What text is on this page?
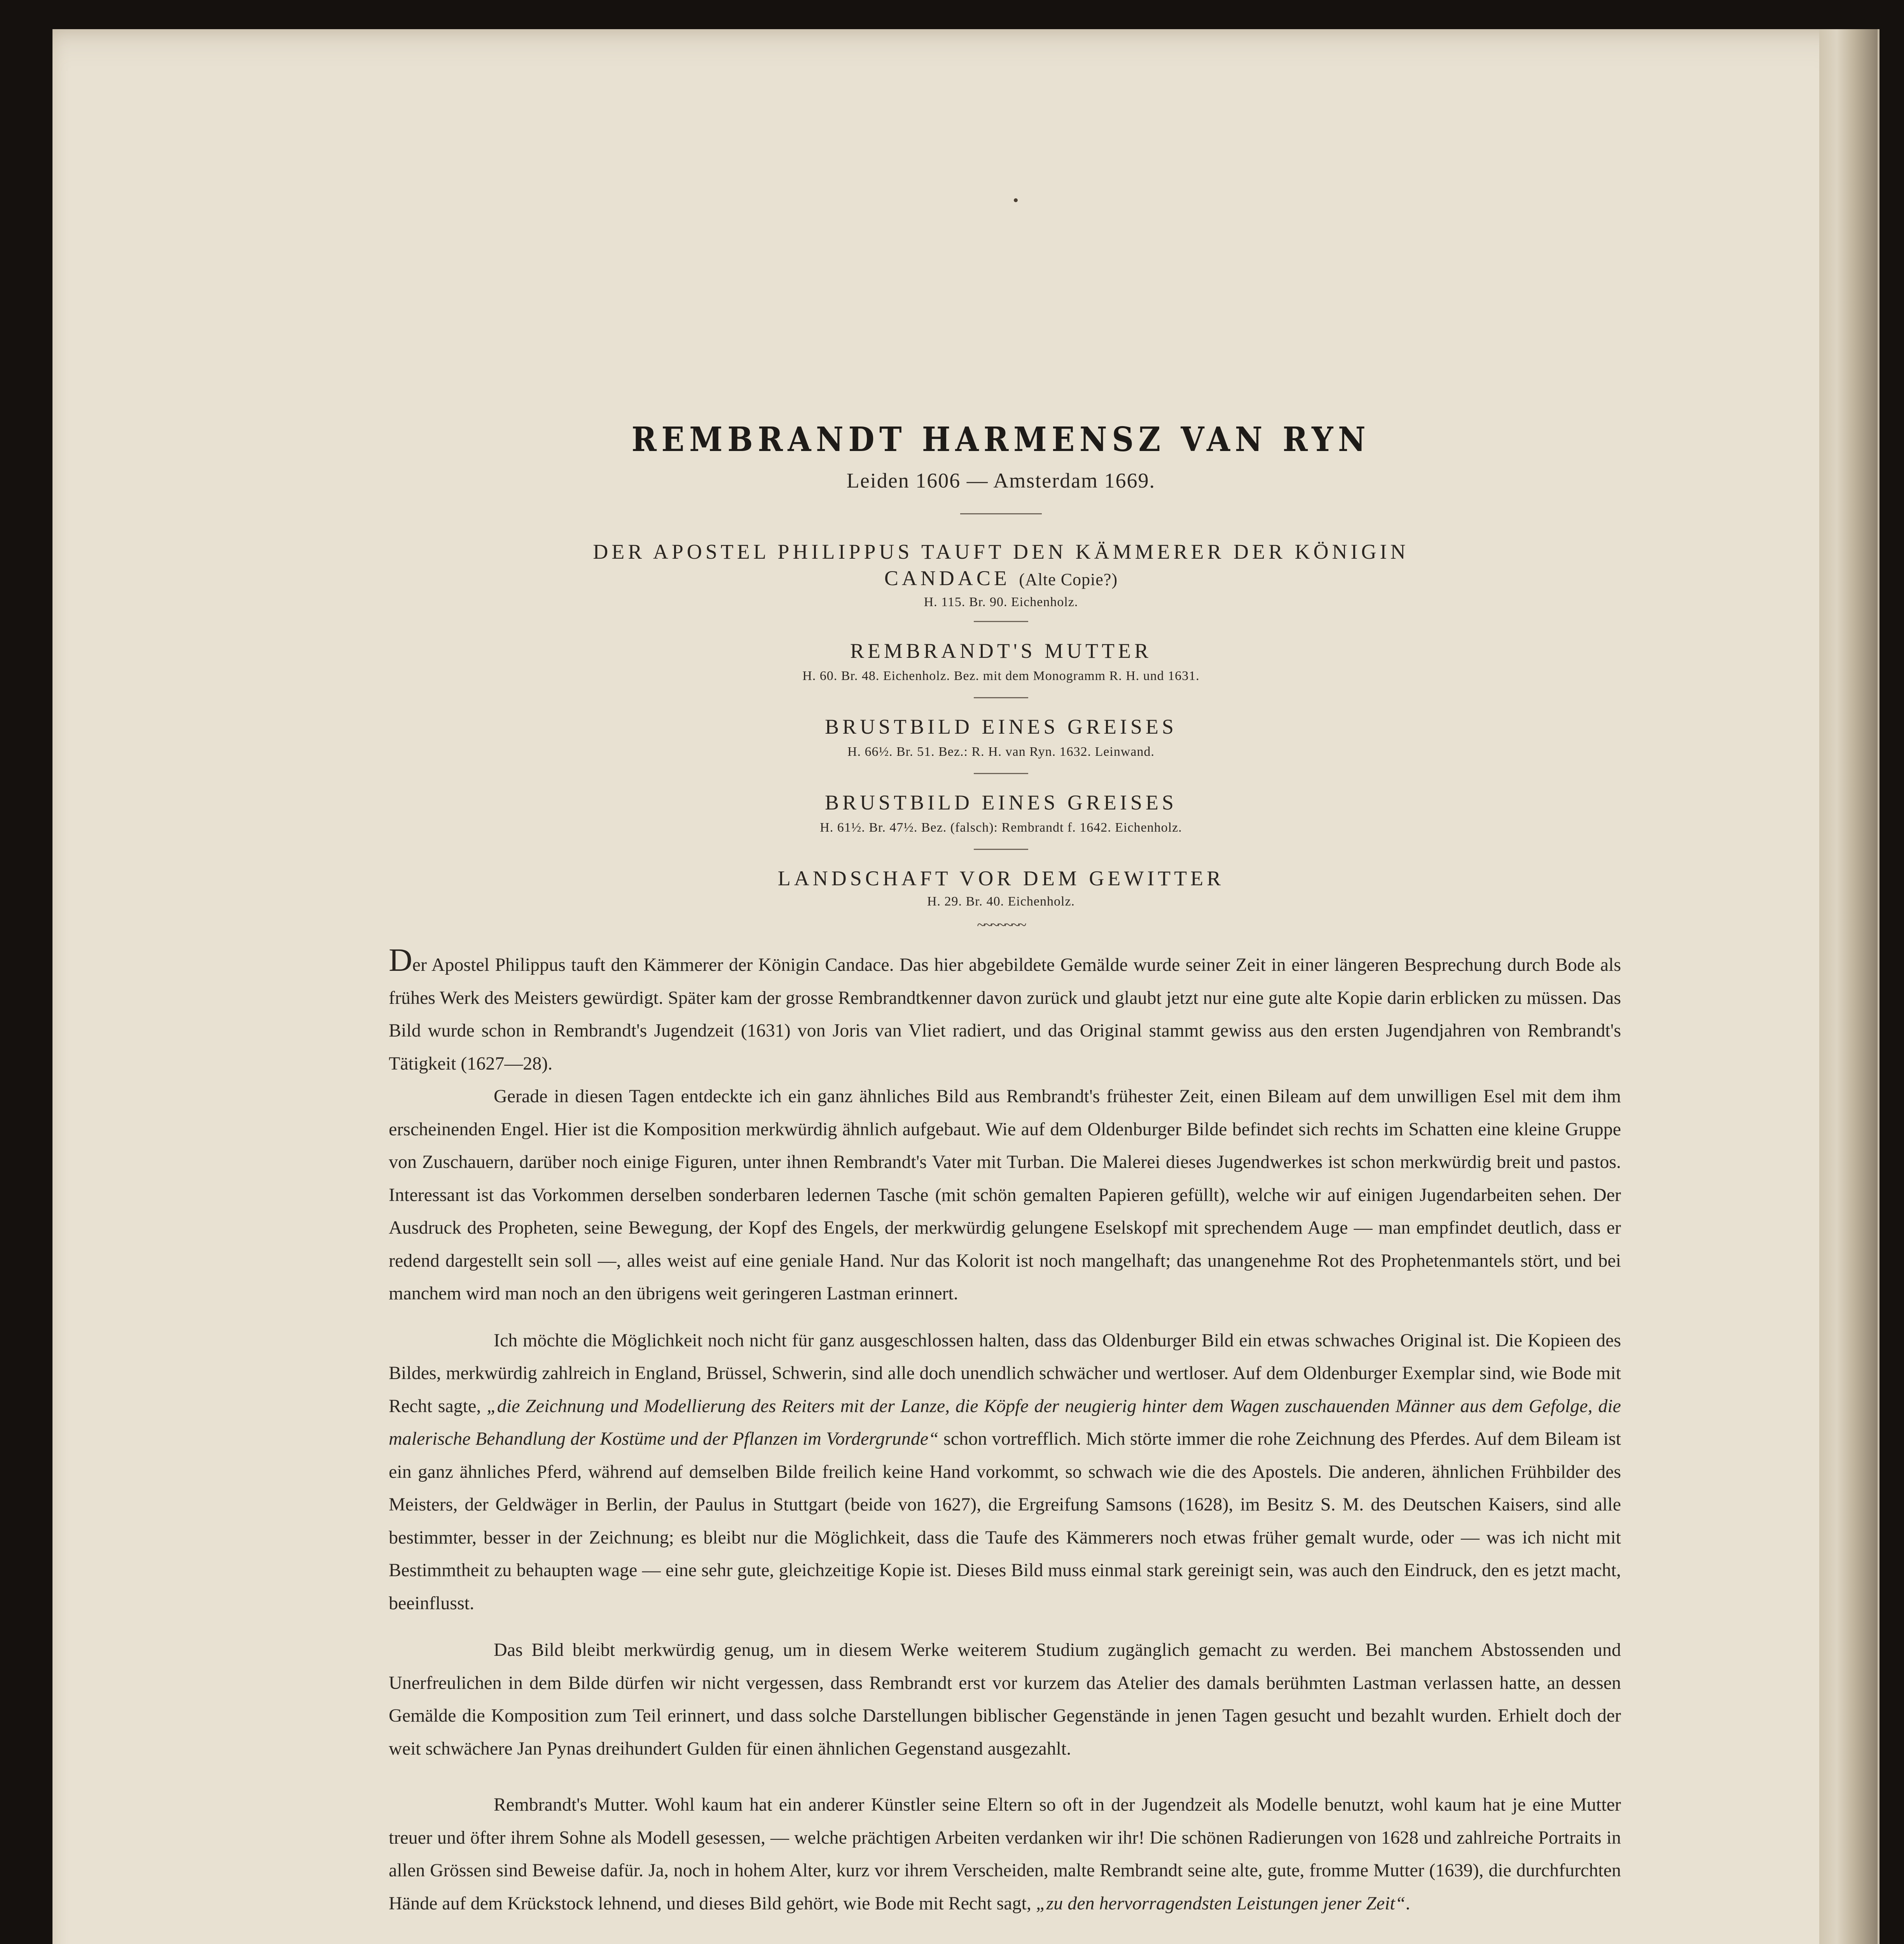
REMBRANDT HARMENSZ VAN RYN
Leiden 1606 — Amsterdam 1669.
DER APOSTEL PHILIPPUS TAUFT DEN KÄMMERER DER KÖNIGIN
CANDACE (Alte Copie?)
H. 115. Br. 90. Eichenholz.
REMBRANDT'S MUTTER
H. 60. Br. 48. Eichenholz. Bez. mit dem Monogramm R. H. und 1631.
BRUSTBILD EINES GREISES
H. 66½. Br. 51. Bez.: R. H. van Ryn. 1632. Leinwand.
BRUSTBILD EINES GREISES
H. 61½. Br. 47½. Bez. (falsch): Rembrandt f. 1642. Eichenholz.
LANDSCHAFT VOR DEM GEWITTER
H. 29. Br. 40. Eichenholz.
~~~~~~~

Der Apostel Philippus tauft den Kämmerer der Königin Candace. Das hier abgebildete Gemälde wurde seiner Zeit in einer längeren Besprechung durch Bode als frühes Werk des Meisters gewürdigt. Später kam der grosse Rembrandtkenner davon zurück und glaubt jetzt nur eine gute alte Kopie darin erblicken zu müssen. Das Bild wurde schon in Rembrandt's Jugendzeit (1631) von Joris van Vliet radiert, und das Original stammt gewiss aus den ersten Jugendjahren von Rembrandt's Tätigkeit (1627—28).

Gerade in diesen Tagen entdeckte ich ein ganz ähnliches Bild aus Rembrandt's frühester Zeit, einen Bileam auf dem unwilligen Esel mit dem ihm erscheinenden Engel. Hier ist die Komposition merkwürdig ähnlich aufgebaut. Wie auf dem Oldenburger Bilde befindet sich rechts im Schatten eine kleine Gruppe von Zuschauern, darüber noch einige Figuren, unter ihnen Rembrandt's Vater mit Turban. Die Malerei dieses Jugendwerkes ist schon merkwürdig breit und pastos. Interessant ist das Vorkommen derselben sonderbaren ledernen Tasche (mit schön gemalten Papieren gefüllt), welche wir auf einigen Jugendarbeiten sehen. Der Ausdruck des Propheten, seine Bewegung, der Kopf des Engels, der merkwürdig gelungene Eselskopf mit sprechendem Auge — man empfindet deutlich, dass er redend dargestellt sein soll —, alles weist auf eine geniale Hand. Nur das Kolorit ist noch mangelhaft; das unangenehme Rot des Prophetenmantels stört, und bei manchem wird man noch an den übrigens weit geringeren Lastman erinnert.

Ich möchte die Möglichkeit noch nicht für ganz ausgeschlossen halten, dass das Oldenburger Bild ein etwas schwaches Original ist. Die Kopieen des Bildes, merkwürdig zahlreich in England, Brüssel, Schwerin, sind alle doch unendlich schwächer und wertloser. Auf dem Oldenburger Exemplar sind, wie Bode mit Recht sagte, „die Zeichnung und Modellierung des Reiters mit der Lanze, die Köpfe der neugierig hinter dem Wagen zuschauenden Männer aus dem Gefolge, die malerische Behandlung der Kostüme und der Pflanzen im Vordergrunde“ schon vortrefflich. Mich störte immer die rohe Zeichnung des Pferdes. Auf dem Bileam ist ein ganz ähnliches Pferd, während auf demselben Bilde freilich keine Hand vorkommt, so schwach wie die des Apostels. Die anderen, ähnlichen Frühbilder des Meisters, der Geldwäger in Berlin, der Paulus in Stuttgart (beide von 1627), die Ergreifung Samsons (1628), im Besitz S. M. des Deutschen Kaisers, sind alle bestimmter, besser in der Zeichnung; es bleibt nur die Möglichkeit, dass die Taufe des Kämmerers noch etwas früher gemalt wurde, oder — was ich nicht mit Bestimmtheit zu behaupten wage — eine sehr gute, gleichzeitige Kopie ist. Dieses Bild muss einmal stark gereinigt sein, was auch den Eindruck, den es jetzt macht, beeinflusst.

Das Bild bleibt merkwürdig genug, um in diesem Werke weiterem Studium zugänglich gemacht zu werden. Bei manchem Abstossenden und Unerfreulichen in dem Bilde dürfen wir nicht vergessen, dass Rembrandt erst vor kurzem das Atelier des damals berühmten Lastman verlassen hatte, an dessen Gemälde die Komposition zum Teil erinnert, und dass solche Darstellungen biblischer Gegenstände in jenen Tagen gesucht und bezahlt wurden. Erhielt doch der weit schwächere Jan Pynas dreihundert Gulden für einen ähnlichen Gegenstand ausgezahlt.

Rembrandt's Mutter. Wohl kaum hat ein anderer Künstler seine Eltern so oft in der Jugendzeit als Modelle benutzt, wohl kaum hat je eine Mutter treuer und öfter ihrem Sohne als Modell gesessen, — welche prächtigen Arbeiten verdanken wir ihr! Die schönen Radierungen von 1628 und zahlreiche Portraits in allen Grössen sind Beweise dafür. Ja, noch in hohem Alter, kurz vor ihrem Verscheiden, malte Rembrandt seine alte, gute, fromme Mutter (1639), die durchfurchten Hände auf dem Krückstock lehnend, und dieses Bild gehört, wie Bode mit Recht sagt, „zu den hervorragendsten Leistungen jener Zeit“.
